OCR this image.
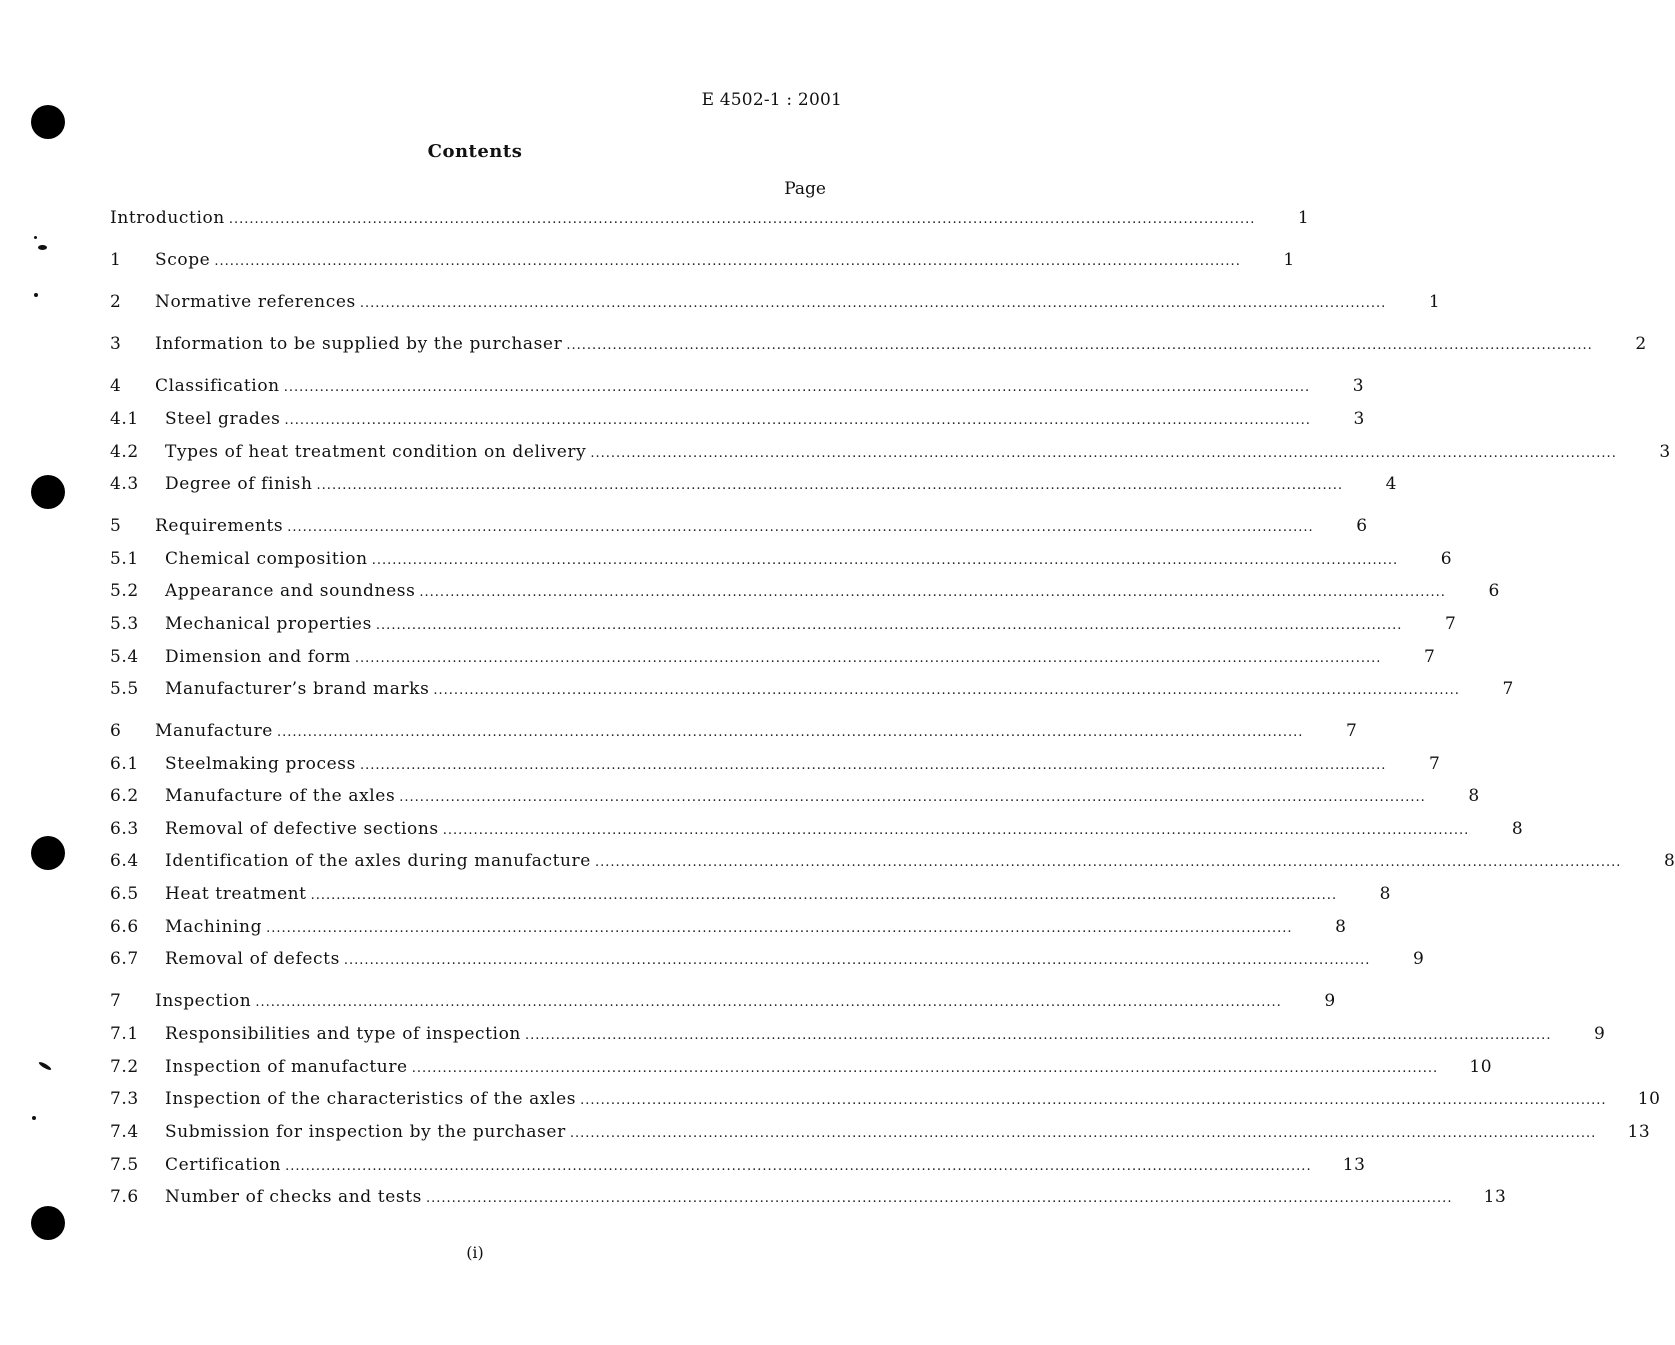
E 4502-1 : 2001
Contents
Page
Introduction ........................................................................................................................................................................................................	1
1	Scope ........................................................................................................................................................................................................	1
2	Normative references ........................................................................................................................................................................................................	1
3	Information to be supplied by the purchaser ........................................................................................................................................................................................................	2
4	Classification ........................................................................................................................................................................................................	3
4.1	Steel grades ........................................................................................................................................................................................................	3
4.2	Types of heat treatment condition on delivery ........................................................................................................................................................................................................	3
4.3	Degree of finish ........................................................................................................................................................................................................	4
5	Requirements ........................................................................................................................................................................................................	6
5.1	Chemical composition ........................................................................................................................................................................................................	6
5.2	Appearance and soundness ........................................................................................................................................................................................................	6
5.3	Mechanical properties ........................................................................................................................................................................................................	7
5.4	Dimension and form ........................................................................................................................................................................................................	7
5.5	Manufacturer’s brand marks ........................................................................................................................................................................................................	7
6	Manufacture ........................................................................................................................................................................................................	7
6.1	Steelmaking process ........................................................................................................................................................................................................	7
6.2	Manufacture of the axles ........................................................................................................................................................................................................	8
6.3	Removal of defective sections ........................................................................................................................................................................................................	8
6.4	Identification of the axles during manufacture ........................................................................................................................................................................................................	8
6.5	Heat treatment ........................................................................................................................................................................................................	8
6.6	Machining ........................................................................................................................................................................................................	8
6.7	Removal of defects ........................................................................................................................................................................................................	9
7	Inspection ........................................................................................................................................................................................................	9
7.1	Responsibilities and type of inspection ........................................................................................................................................................................................................	9
7.2	Inspection of manufacture ........................................................................................................................................................................................................	10
7.3	Inspection of the characteristics of the axles ........................................................................................................................................................................................................	10
7.4	Submission for inspection by the purchaser ........................................................................................................................................................................................................	13
7.5	Certification ........................................................................................................................................................................................................	13
7.6	Number of checks and tests ........................................................................................................................................................................................................	13
(i)
